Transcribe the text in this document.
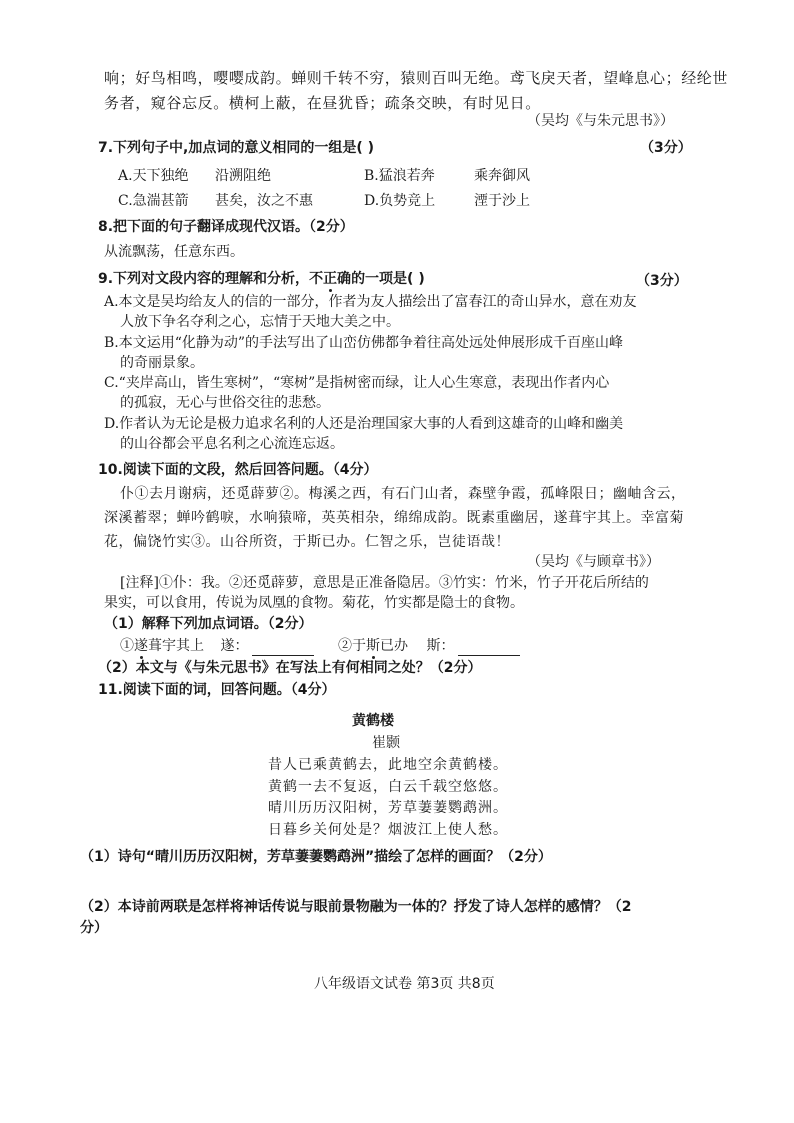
响；好鸟相鸣，嘤嘤成韵。蝉则千转不穷，猿则百叫无绝。鸢飞戾天者，望峰息心；经纶世
务者，窥谷忘反。横柯上蔽，在昼犹昏；疏条交映，有时见日。
（吴均《与朱元思书》）
7.下列句子中,加点词的意义相同的一组是( )	（3分）
A.天下独绝 沿溯阻绝	B.猛浪若奔	乘奔御风
C.急湍甚箭 甚矣，汝之不惠	D.负势竞上	湮于沙上
8.把下面的句子翻译成现代汉语。（2分）
从流飘荡，任意东西。
9.下列对文段内容的理解和分析，不正确的一项是( )	（3分）
A.本文是吴均给友人的信的一部分，作者为友人描绘出了富春江的奇山异水，意在劝友
人放下争名夺利之心，忘情于天地大美之中。
B.本文运用“化静为动”的手法写出了山峦仿佛都争着往高处远处伸展形成千百座山峰
的奇丽景象。
C.“夹岸高山，皆生寒树”，“寒树”是指树密而绿，让人心生寒意，表现出作者内心
的孤寂，无心与世俗交往的悲愁。
D.作者认为无论是极力追求名利的人还是治理国家大事的人看到这雄奇的山峰和幽美
的山谷都会平息名利之心流连忘返。
10.阅读下面的文段，然后回答问题。（4分）
仆①去月谢病，还觅薜萝②。梅溪之西，有石门山者，森壁争霞，孤峰限日；幽岫含云，
深溪蓄翠；蝉吟鹤唳，水响猿啼，英英相杂，绵绵成韵。既素重幽居，遂葺宇其上。幸富菊
花，偏饶竹实③。山谷所资，于斯已办。仁智之乐，岂徒语哉！
（吴均《与顾章书》）
[注释]①仆：我。②还觅薜萝，意思是正准备隐居。③竹实：竹米，竹子开花后所结的
果实，可以食用，传说为凤凰的食物。菊花，竹实都是隐士的食物。
（1）解释下列加点词语。（2分）
①遂葺宇其上 遂：	②于斯已办 斯：
（2）本文与《与朱元思书》在写法上有何相同之处？（2分）
11.阅读下面的词，回答问题。（4分）
黄鹤楼
崔颢
昔人已乘黄鹤去，此地空余黄鹤楼。
黄鹤一去不复返，白云千载空悠悠。
晴川历历汉阳树，芳草萋萋鹦鹉洲。
日暮乡关何处是？烟波江上使人愁。
（1）诗句“晴川历历汉阳树，芳草萋萋鹦鹉洲”描绘了怎样的画面？（2分）
（2）本诗前两联是怎样将神话传说与眼前景物融为一体的？抒发了诗人怎样的感情？（2
分）
八年级语文试卷 第3页 共8页
